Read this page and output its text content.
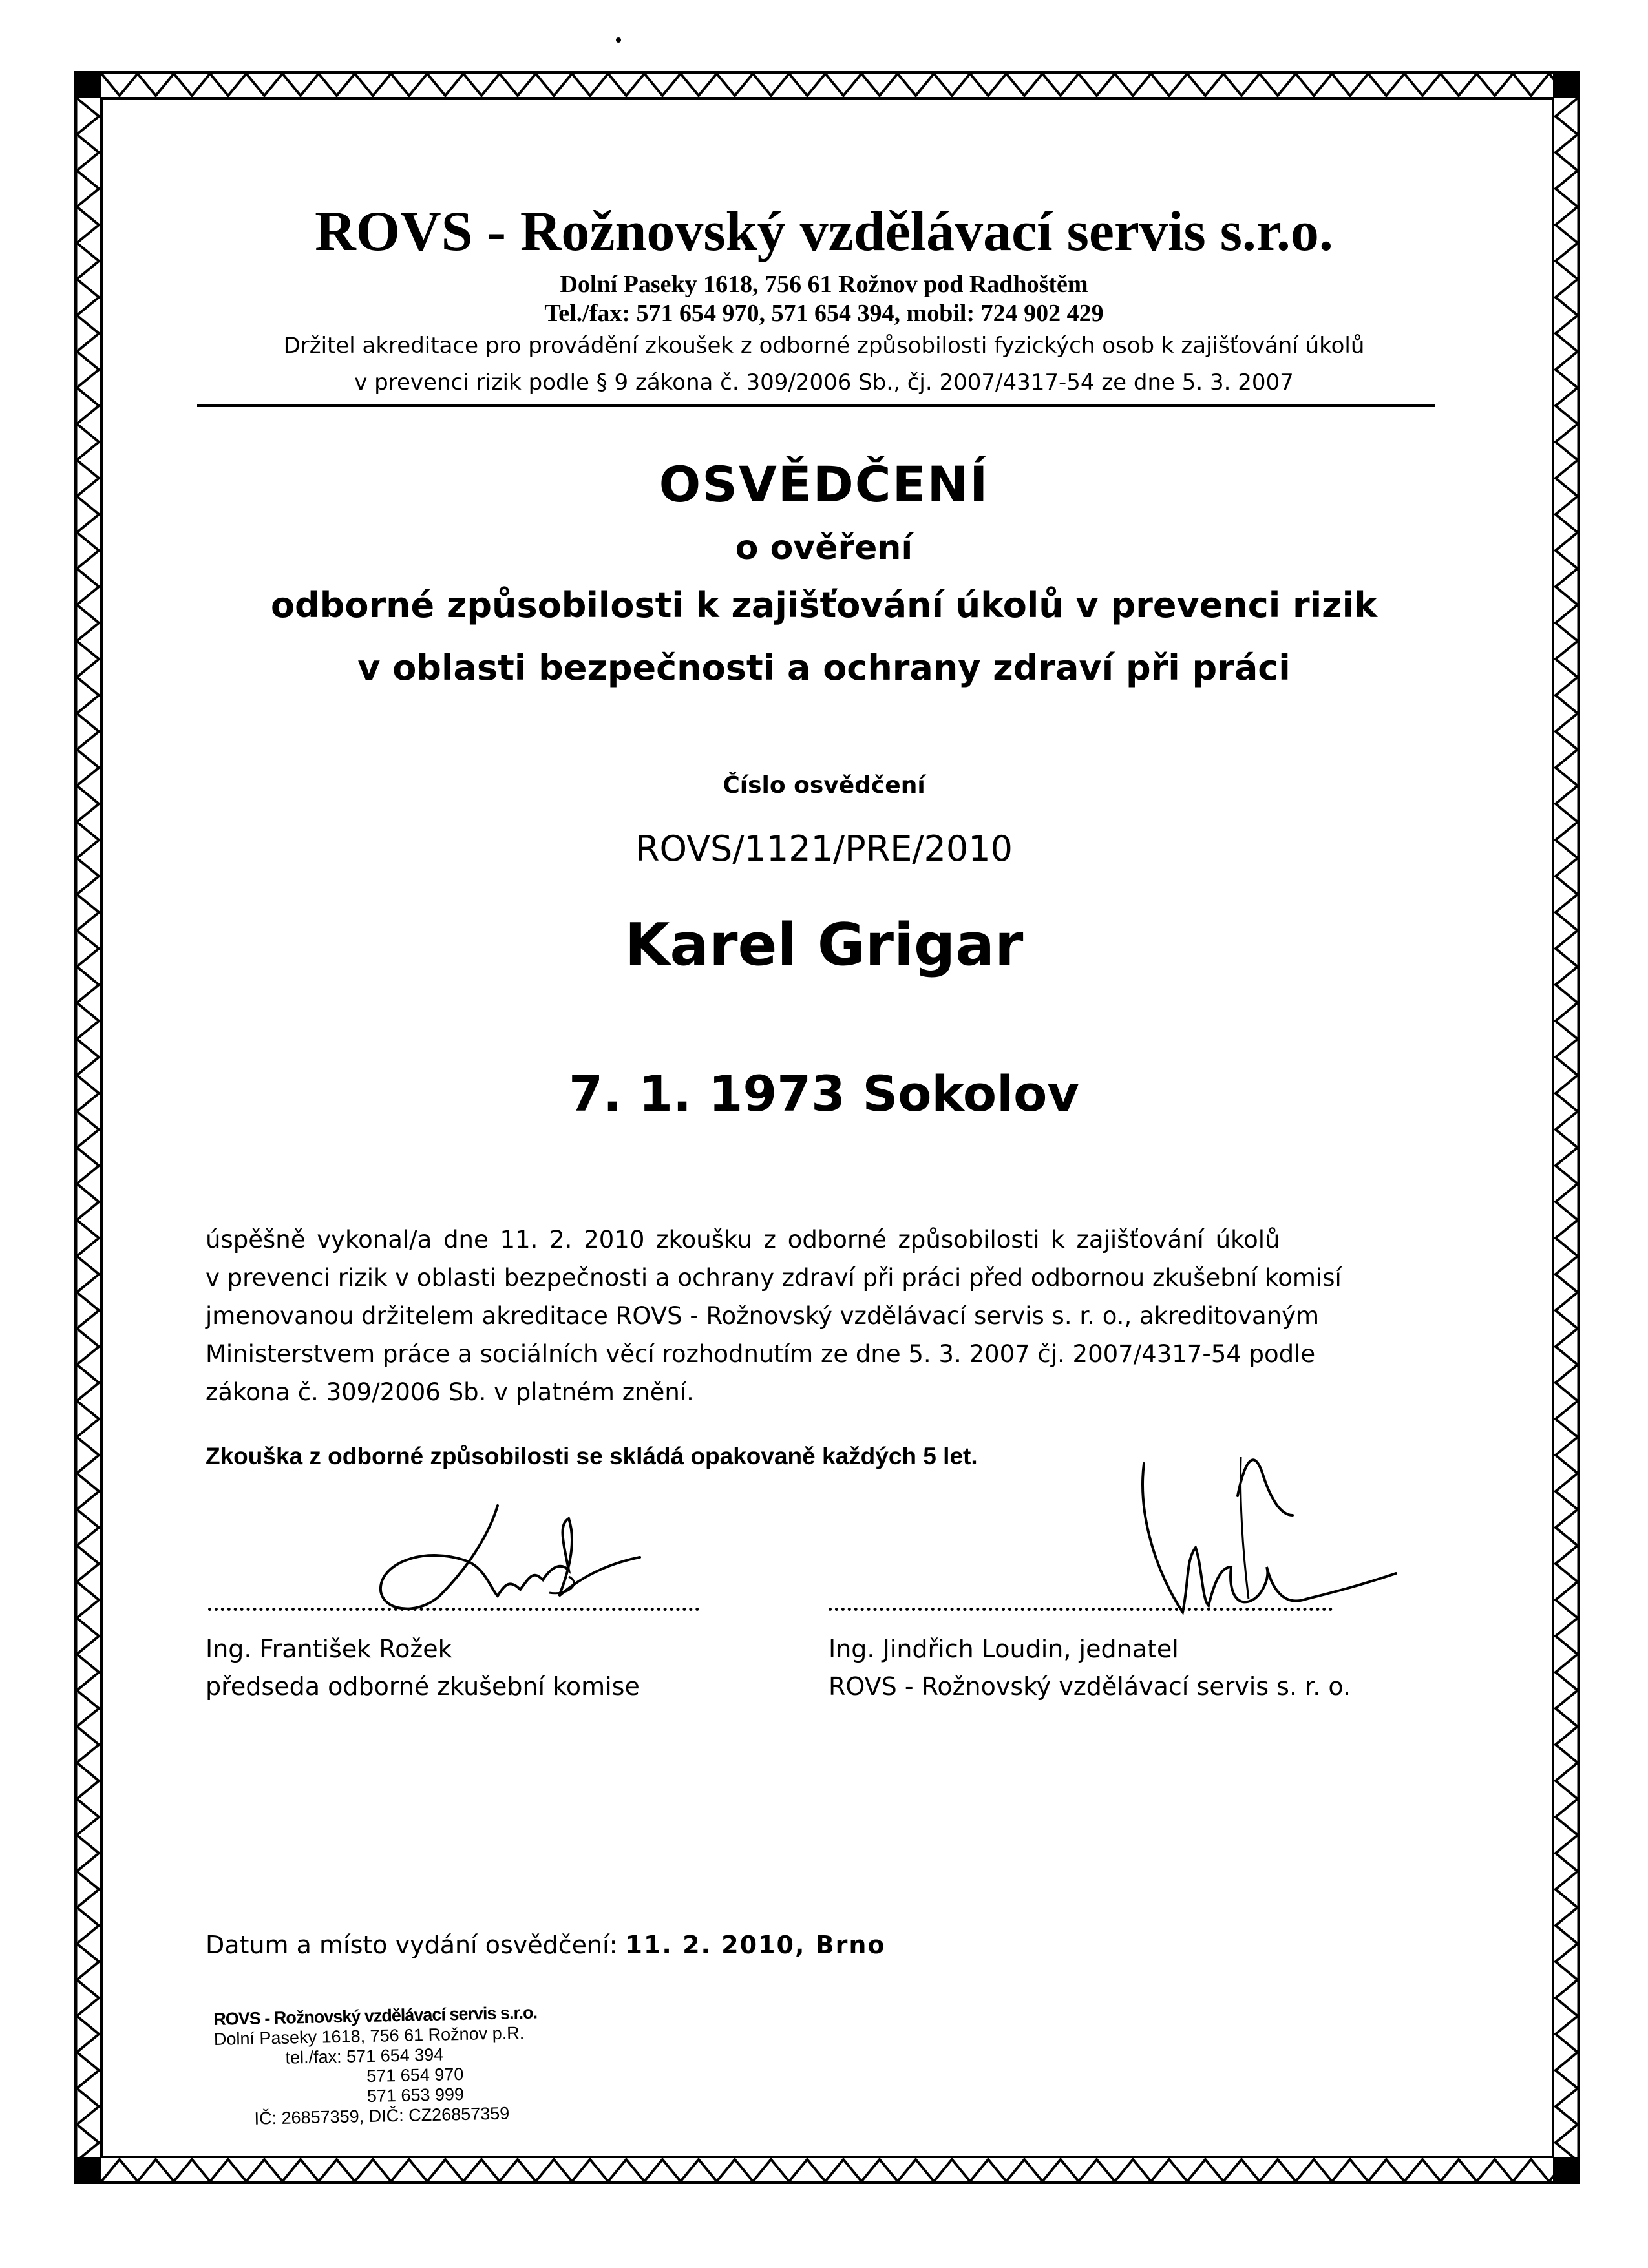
ROVS - Rožnovský vzdělávací servis s.r.o.
Dolní Paseky 1618, 756 61 Rožnov pod Radhoštěm
Tel./fax: 571 654 970, 571 654 394, mobil: 724 902 429
Držitel akreditace pro provádění zkoušek z odborné způsobilosti fyzických osob k zajišťování úkolů
v prevenci rizik podle § 9 zákona č. 309/2006 Sb., čj. 2007/4317-54 ze dne 5. 3. 2007
OSVĚDČENÍ
o ověření
odborné způsobilosti k zajišťování úkolů v prevenci rizik
v oblasti bezpečnosti a ochrany zdraví při práci
Číslo osvědčení
ROVS/1121/PRE/2010
Karel Grigar
7. 1. 1973 Sokolov
úspěšně vykonal/a dne 11. 2. 2010 zkoušku z odborné způsobilosti k zajišťování úkolů
v prevenci rizik v oblasti bezpečnosti a ochrany zdraví při práci před odbornou zkušební komisí
jmenovanou držitelem akreditace ROVS - Rožnovský vzdělávací servis s. r. o., akreditovaným
Ministerstvem práce a sociálních věcí rozhodnutím ze dne 5. 3. 2007 čj. 2007/4317-54 podle
zákona č. 309/2006 Sb. v platném znění.
Zkouška z odborné způsobilosti se skládá opakovaně každých 5 let.
Ing. František Rožek
předseda odborné zkušební komise
Ing. Jindřich Loudin, jednatel
ROVS - Rožnovský vzdělávací servis s. r. o.
Datum a místo vydání osvědčení: 11. 2. 2010, Brno
ROVS - Rožnovský vzdělávací servis s.r.o.
Dolní Paseky 1618, 756 61 Rožnov p.R.
tel./fax: 571 654 394
571 654 970
571 653 999
IČ: 26857359, DIČ: CZ26857359
